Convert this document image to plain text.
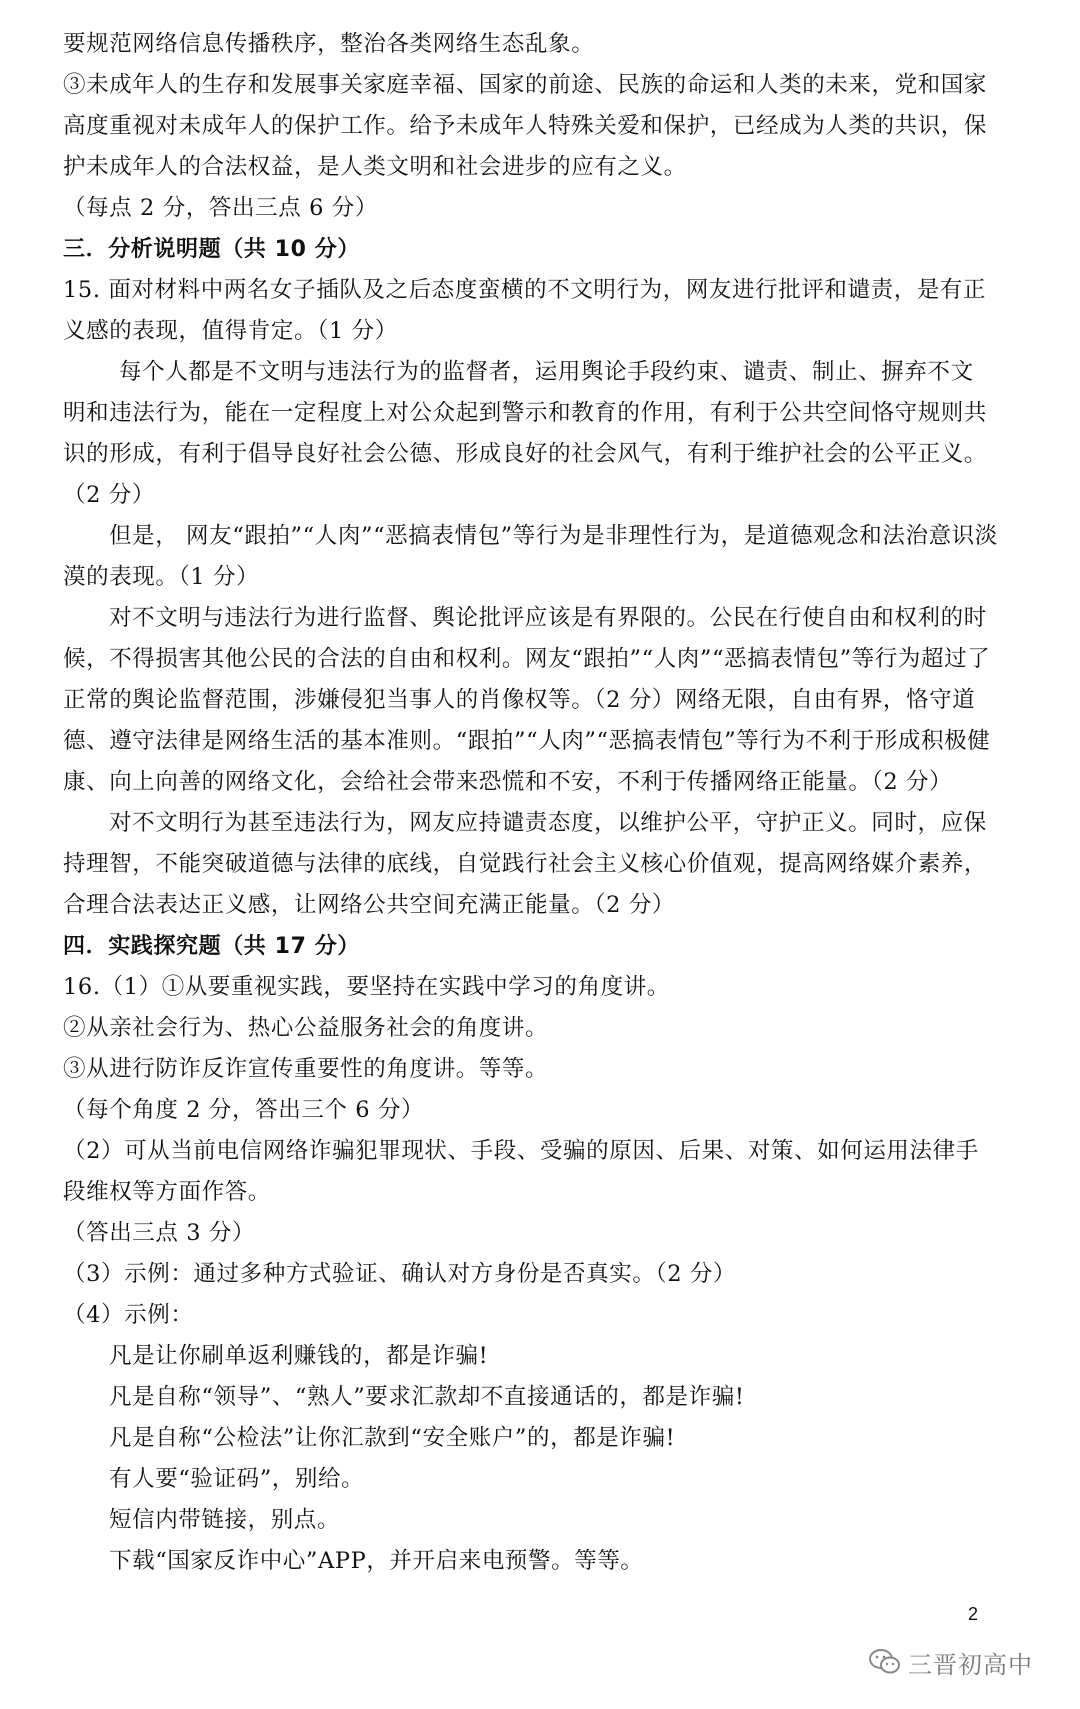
要规范网络信息传播秩序，整治各类网络生态乱象。
③未成年人的生存和发展事关家庭幸福、国家的前途、民族的命运和人类的未来，党和国家
高度重视对未成年人的保护工作。给予未成年人特殊关爱和保护，已经成为人类的共识，保
护未成年人的合法权益，是人类文明和社会进步的应有之义。
（每点 2 分，答出三点 6 分）
三．分析说明题（共 10 分）
15. 面对材料中两名女子插队及之后态度蛮横的不文明行为，网友进行批评和谴责，是有正
义感的表现，值得肯定。（1 分）
每个人都是不文明与违法行为的监督者，运用舆论手段约束、谴责、制止、摒弃不文
明和违法行为，能在一定程度上对公众起到警示和教育的作用，有利于公共空间恪守规则共
识的形成，有利于倡导良好社会公德、形成良好的社会风气，有利于维护社会的公平正义。
（2 分）
但是， 网友“跟拍”“人肉”“恶搞表情包”等行为是非理性行为，是道德观念和法治意识淡
漠的表现。（1 分）
对不文明与违法行为进行监督、舆论批评应该是有界限的。公民在行使自由和权利的时
候，不得损害其他公民的合法的自由和权利。网友“跟拍”“人肉”“恶搞表情包”等行为超过了
正常的舆论监督范围，涉嫌侵犯当事人的肖像权等。（2 分）网络无限，自由有界，恪守道
德、遵守法律是网络生活的基本准则。“跟拍”“人肉”“恶搞表情包”等行为不利于形成积极健
康、向上向善的网络文化，会给社会带来恐慌和不安，不利于传播网络正能量。（2 分）
对不文明行为甚至违法行为，网友应持谴责态度，以维护公平，守护正义。同时，应保
持理智，不能突破道德与法律的底线，自觉践行社会主义核心价值观，提高网络媒介素养，
合理合法表达正义感，让网络公共空间充满正能量。（2 分）
四．实践探究题（共 17 分）
16.（1）①从要重视实践，要坚持在实践中学习的角度讲。
②从亲社会行为、热心公益服务社会的角度讲。
③从进行防诈反诈宣传重要性的角度讲。等等。
（每个角度 2 分，答出三个 6 分）
（2）可从当前电信网络诈骗犯罪现状、手段、受骗的原因、后果、对策、如何运用法律手
段维权等方面作答。
（答出三点 3 分）
（3）示例：通过多种方式验证、确认对方身份是否真实。（2 分）
（4）示例：
凡是让你刷单返利赚钱的，都是诈骗!
凡是自称“领导”、“熟人”要求汇款却不直接通话的，都是诈骗!
凡是自称“公检法”让你汇款到“安全账户”的，都是诈骗!
有人要“验证码”，别给。
短信内带链接，别点。
下载“国家反诈中心”APP，并开启来电预警。等等。
2
三晋初高中
